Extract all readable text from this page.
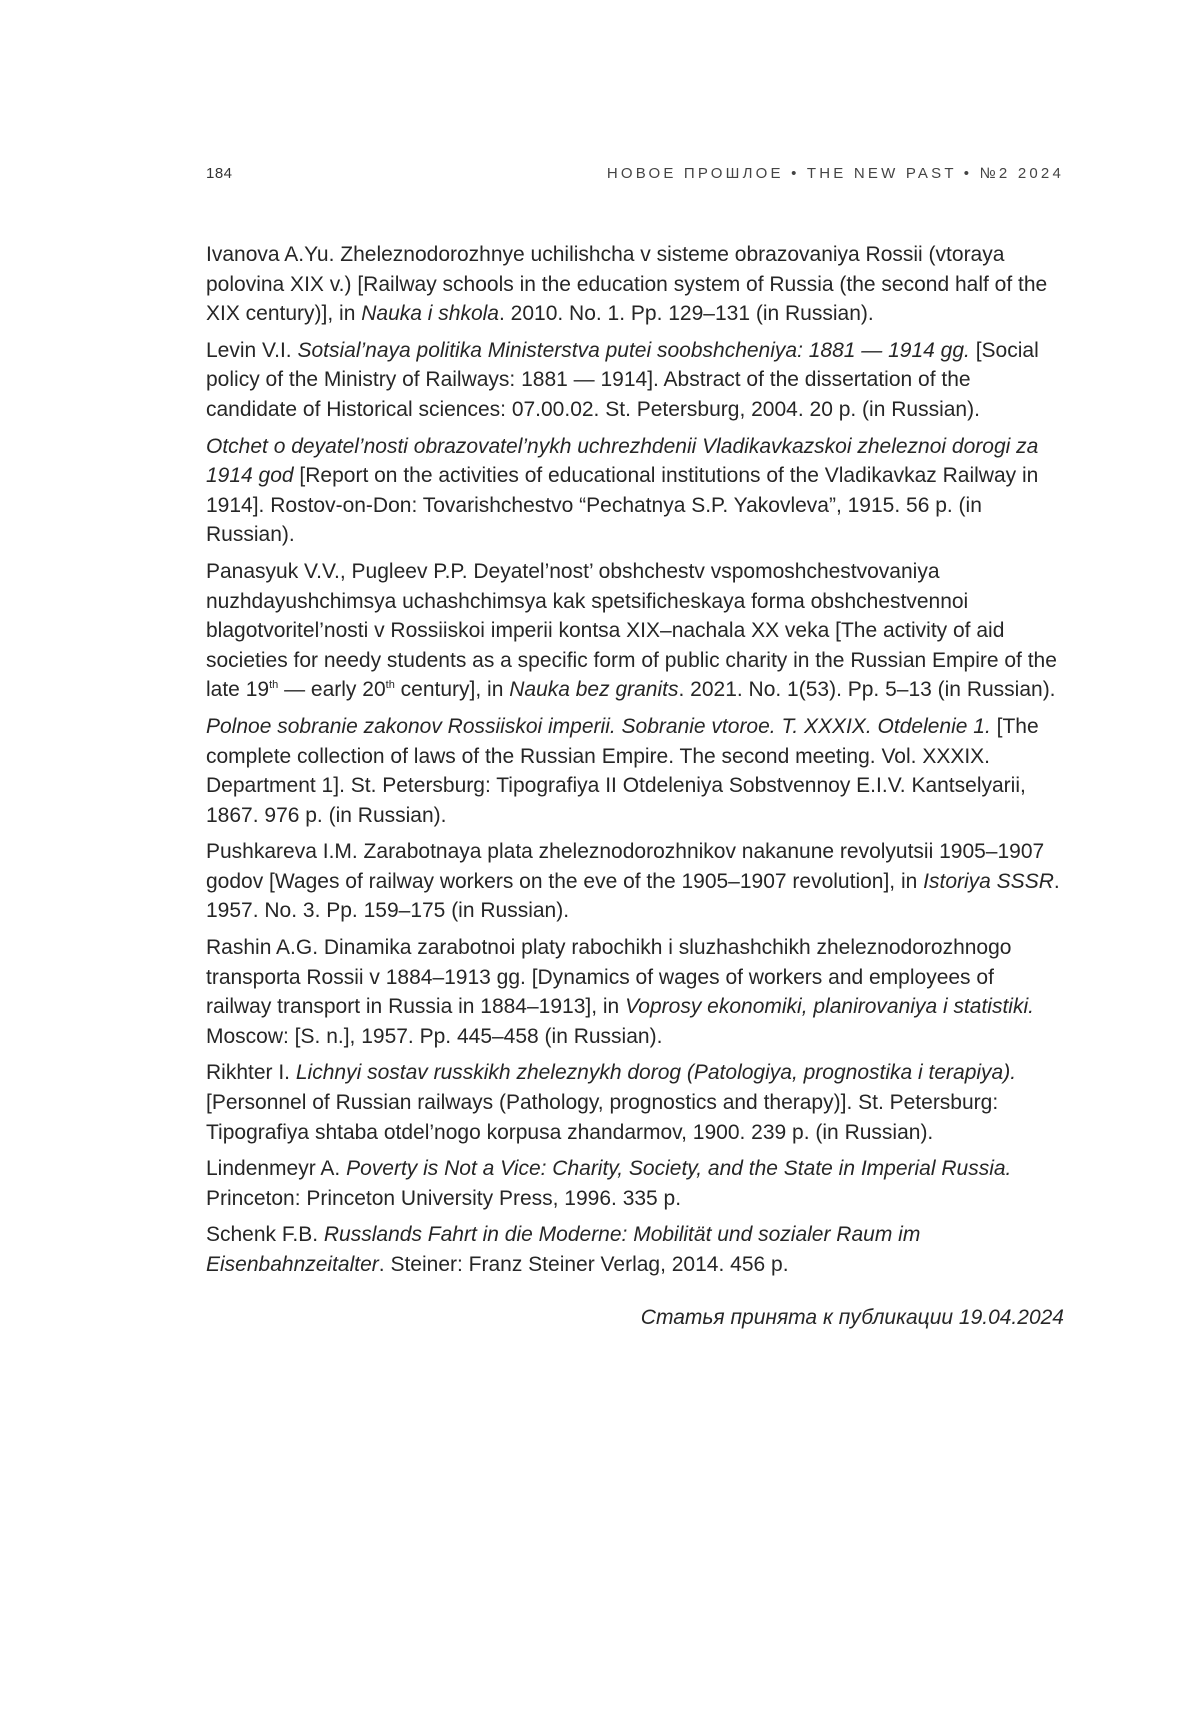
184	НОВОЕ ПРОШЛОЕ • THE NEW PAST • №2 2024

Ivanova A.Yu. Zheleznodorozhnye uchilishcha v sisteme obrazovaniya Rossii (vtoraya polovina XIX v.) [Railway schools in the education system of Russia (the second half of the XIX century)], in Nauka i shkola. 2010. No. 1. Pp. 129–131 (in Russian).

Levin V.I. Sotsial’naya politika Ministerstva putei soobshcheniya: 1881 — 1914 gg. [Social policy of the Ministry of Railways: 1881 — 1914]. Abstract of the dissertation of the candidate of Historical sciences: 07.00.02. St. Petersburg, 2004. 20 p. (in Russian).

Otchet o deyatel’nosti obrazovatel’nykh uchrezhdenii Vladikavkazskoi zheleznoi dorogi za 1914 god [Report on the activities of educational institutions of the Vladikavkaz Railway in 1914]. Rostov-on-Don: Tovarishchestvo “Pechatnya S.P. Yakovleva”, 1915. 56 p. (in Russian).

Panasyuk V.V., Pugleev P.P. Deyatel’nost’ obshchestv vspomoshchestvovaniya nuzhdayushchimsya uchashchimsya kak spetsificheskaya forma obshchestvennoi blagotvoritel’nosti v Rossiiskoi imperii kontsa XIX–nachala XX veka [The activity of aid societies for needy students as a specific form of public charity in the Russian Empire of the late 19th — early 20th century], in Nauka bez granits. 2021. No. 1(53). Pp. 5–13 (in Russian).

Polnoe sobranie zakonov Rossiiskoi imperii. Sobranie vtoroe. T. XXXIX. Otdelenie 1. [The complete collection of laws of the Russian Empire. The second meeting. Vol. XXXIX. Department 1]. St. Petersburg: Tipografiya II Otdeleniya Sobstvennoy E.I.V. Kantselyarii, 1867. 976 p. (in Russian).

Pushkareva I.M. Zarabotnaya plata zheleznodorozhnikov nakanune revolyutsii 1905–1907 godov [Wages of railway workers on the eve of the 1905–1907 revolution], in Istoriya SSSR. 1957. No. 3. Pp. 159–175 (in Russian).

Rashin A.G. Dinamika zarabotnoi platy rabochikh i sluzhashchikh zheleznodorozhnogo transporta Rossii v 1884–1913 gg. [Dynamics of wages of workers and employees of railway transport in Russia in 1884–1913], in Voprosy ekonomiki, planirovaniya i statistiki. Moscow: [S. n.], 1957. Pp. 445–458 (in Russian).

Rikhter I. Lichnyi sostav russkikh zheleznykh dorog (Patologiya, prognostika i terapiya). [Personnel of Russian railways (Pathology, prognostics and therapy)]. St. Petersburg: Tipografiya shtaba otdel’nogo korpusa zhandarmov, 1900. 239 p. (in Russian).

Lindenmeyr A. Poverty is Not a Vice: Charity, Society, and the State in Imperial Russia. Princeton: Princeton University Press, 1996. 335 p.

Schenk F.B. Russlands Fahrt in die Moderne: Mobilität und sozialer Raum im Eisenbahnzeitalter. Steiner: Franz Steiner Verlag, 2014. 456 p.

Статья принята к публикации 19.04.2024
